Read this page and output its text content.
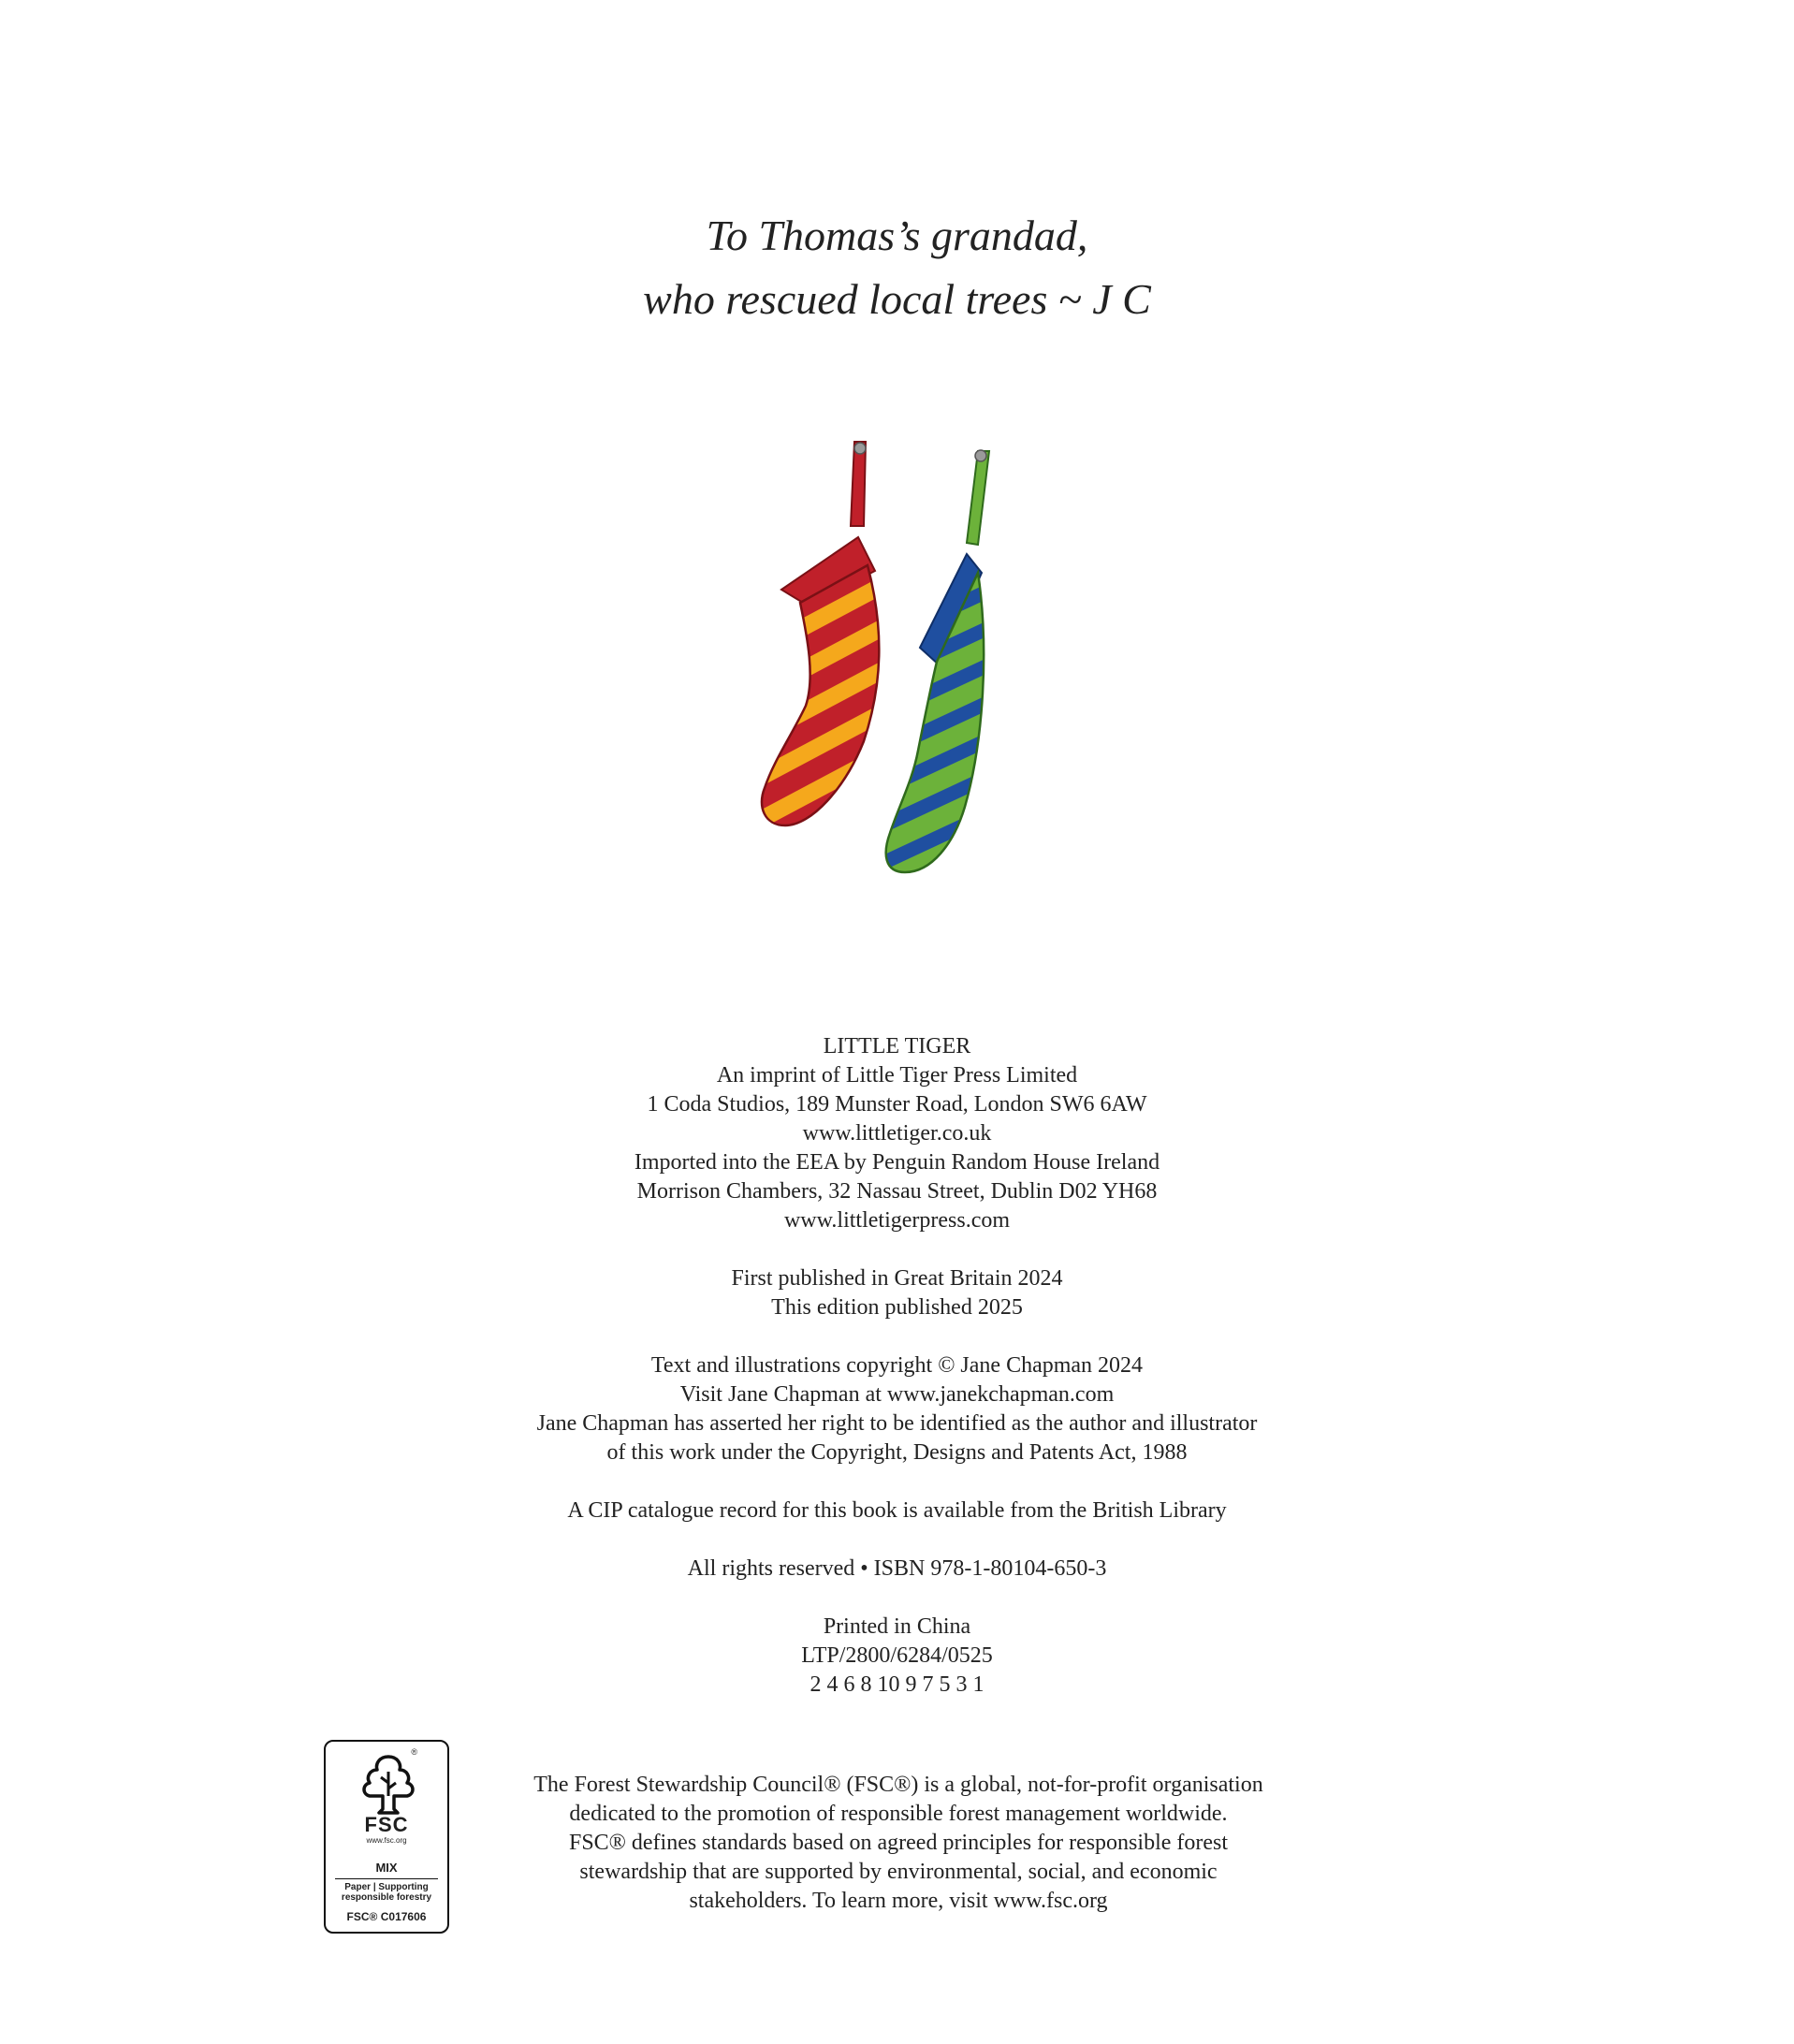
To Thomas’s grandad,
who rescued local trees ~ J C
LITTLE TIGER
An imprint of Little Tiger Press Limited
1 Coda Studios, 189 Munster Road, London SW6 6AW
www.littletiger.co.uk
Imported into the EEA by Penguin Random House Ireland
Morrison Chambers, 32 Nassau Street, Dublin D02 YH68
www.littletigerpress.com
First published in Great Britain 2024
This edition published 2025
Text and illustrations copyright © Jane Chapman 2024
Visit Jane Chapman at www.janekchapman.com
Jane Chapman has asserted her right to be identified as the author and illustrator
of this work under the Copyright, Designs and Patents Act, 1988
A CIP catalogue record for this book is available from the British Library
All rights reserved • ISBN 978-1-80104-650-3
Printed in China
LTP/2800/6284/0525
2 4 6 8 10 9 7 5 3 1
®
FSC
www.fsc.org
MIX
Paper | Supporting
responsible forestry
FSC® C017606
The Forest Stewardship Council® (FSC®) is a global, not-for-profit organisation
dedicated to the promotion of responsible forest management worldwide.
FSC® defines standards based on agreed principles for responsible forest
stewardship that are supported by environmental, social, and economic
stakeholders. To learn more, visit www.fsc.org
